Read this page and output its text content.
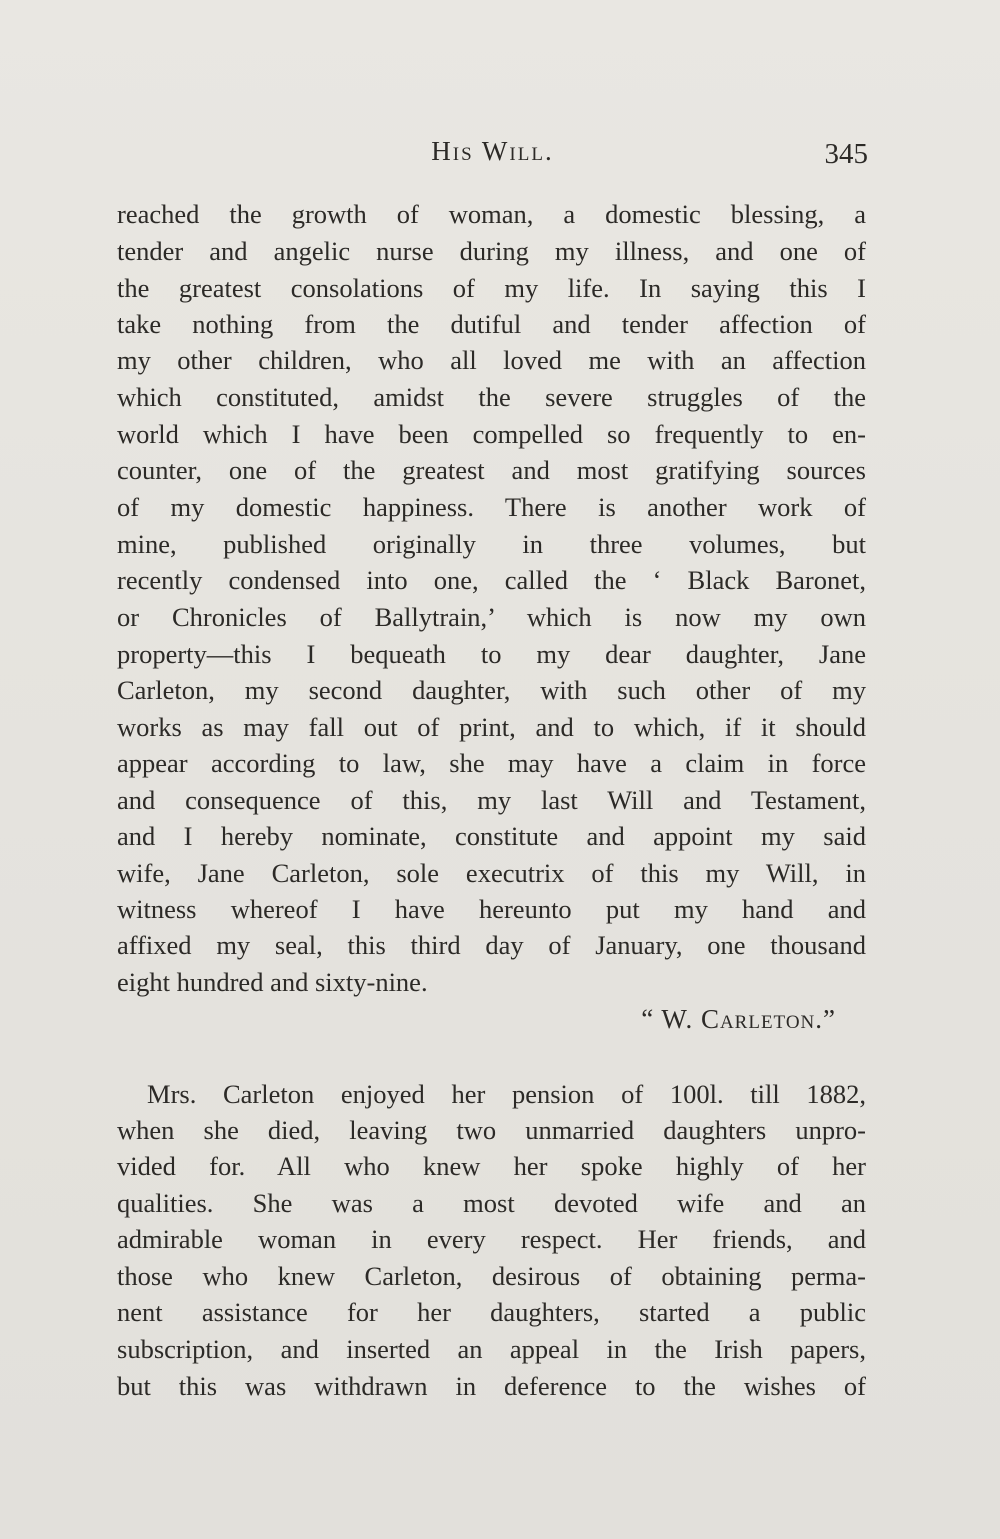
His Will.	345
reached the growth of woman, a domestic blessing, a
tender and angelic nurse during my illness, and one of
the greatest consolations of my life. In saying this I
take nothing from the dutiful and tender affection of
my other children, who all loved me with an affection
which constituted, amidst the severe struggles of the
world which I have been compelled so frequently to en-
counter, one of the greatest and most gratifying sources
of my domestic happiness. There is another work of
mine, published originally in three volumes, but
recently condensed into one, called the ‘ Black Baronet,
or Chronicles of Ballytrain,’ which is now my own
property—this I bequeath to my dear daughter, Jane
Carleton, my second daughter, with such other of my
works as may fall out of print, and to which, if it should
appear according to law, she may have a claim in force
and consequence of this, my last Will and Testament,
and I hereby nominate, constitute and appoint my said
wife, Jane Carleton, sole executrix of this my Will, in
witness whereof I have hereunto put my hand and
affixed my seal, this third day of January, one thousand
eight hundred and sixty-nine.
“ W. Carleton.”
Mrs. Carleton enjoyed her pension of 100l. till 1882,
when she died, leaving two unmarried daughters unpro-
vided for. All who knew her spoke highly of her
qualities. She was a most devoted wife and an
admirable woman in every respect. Her friends, and
those who knew Carleton, desirous of obtaining perma-
nent assistance for her daughters, started a public
subscription, and inserted an appeal in the Irish papers,
but this was withdrawn in deference to the wishes of
